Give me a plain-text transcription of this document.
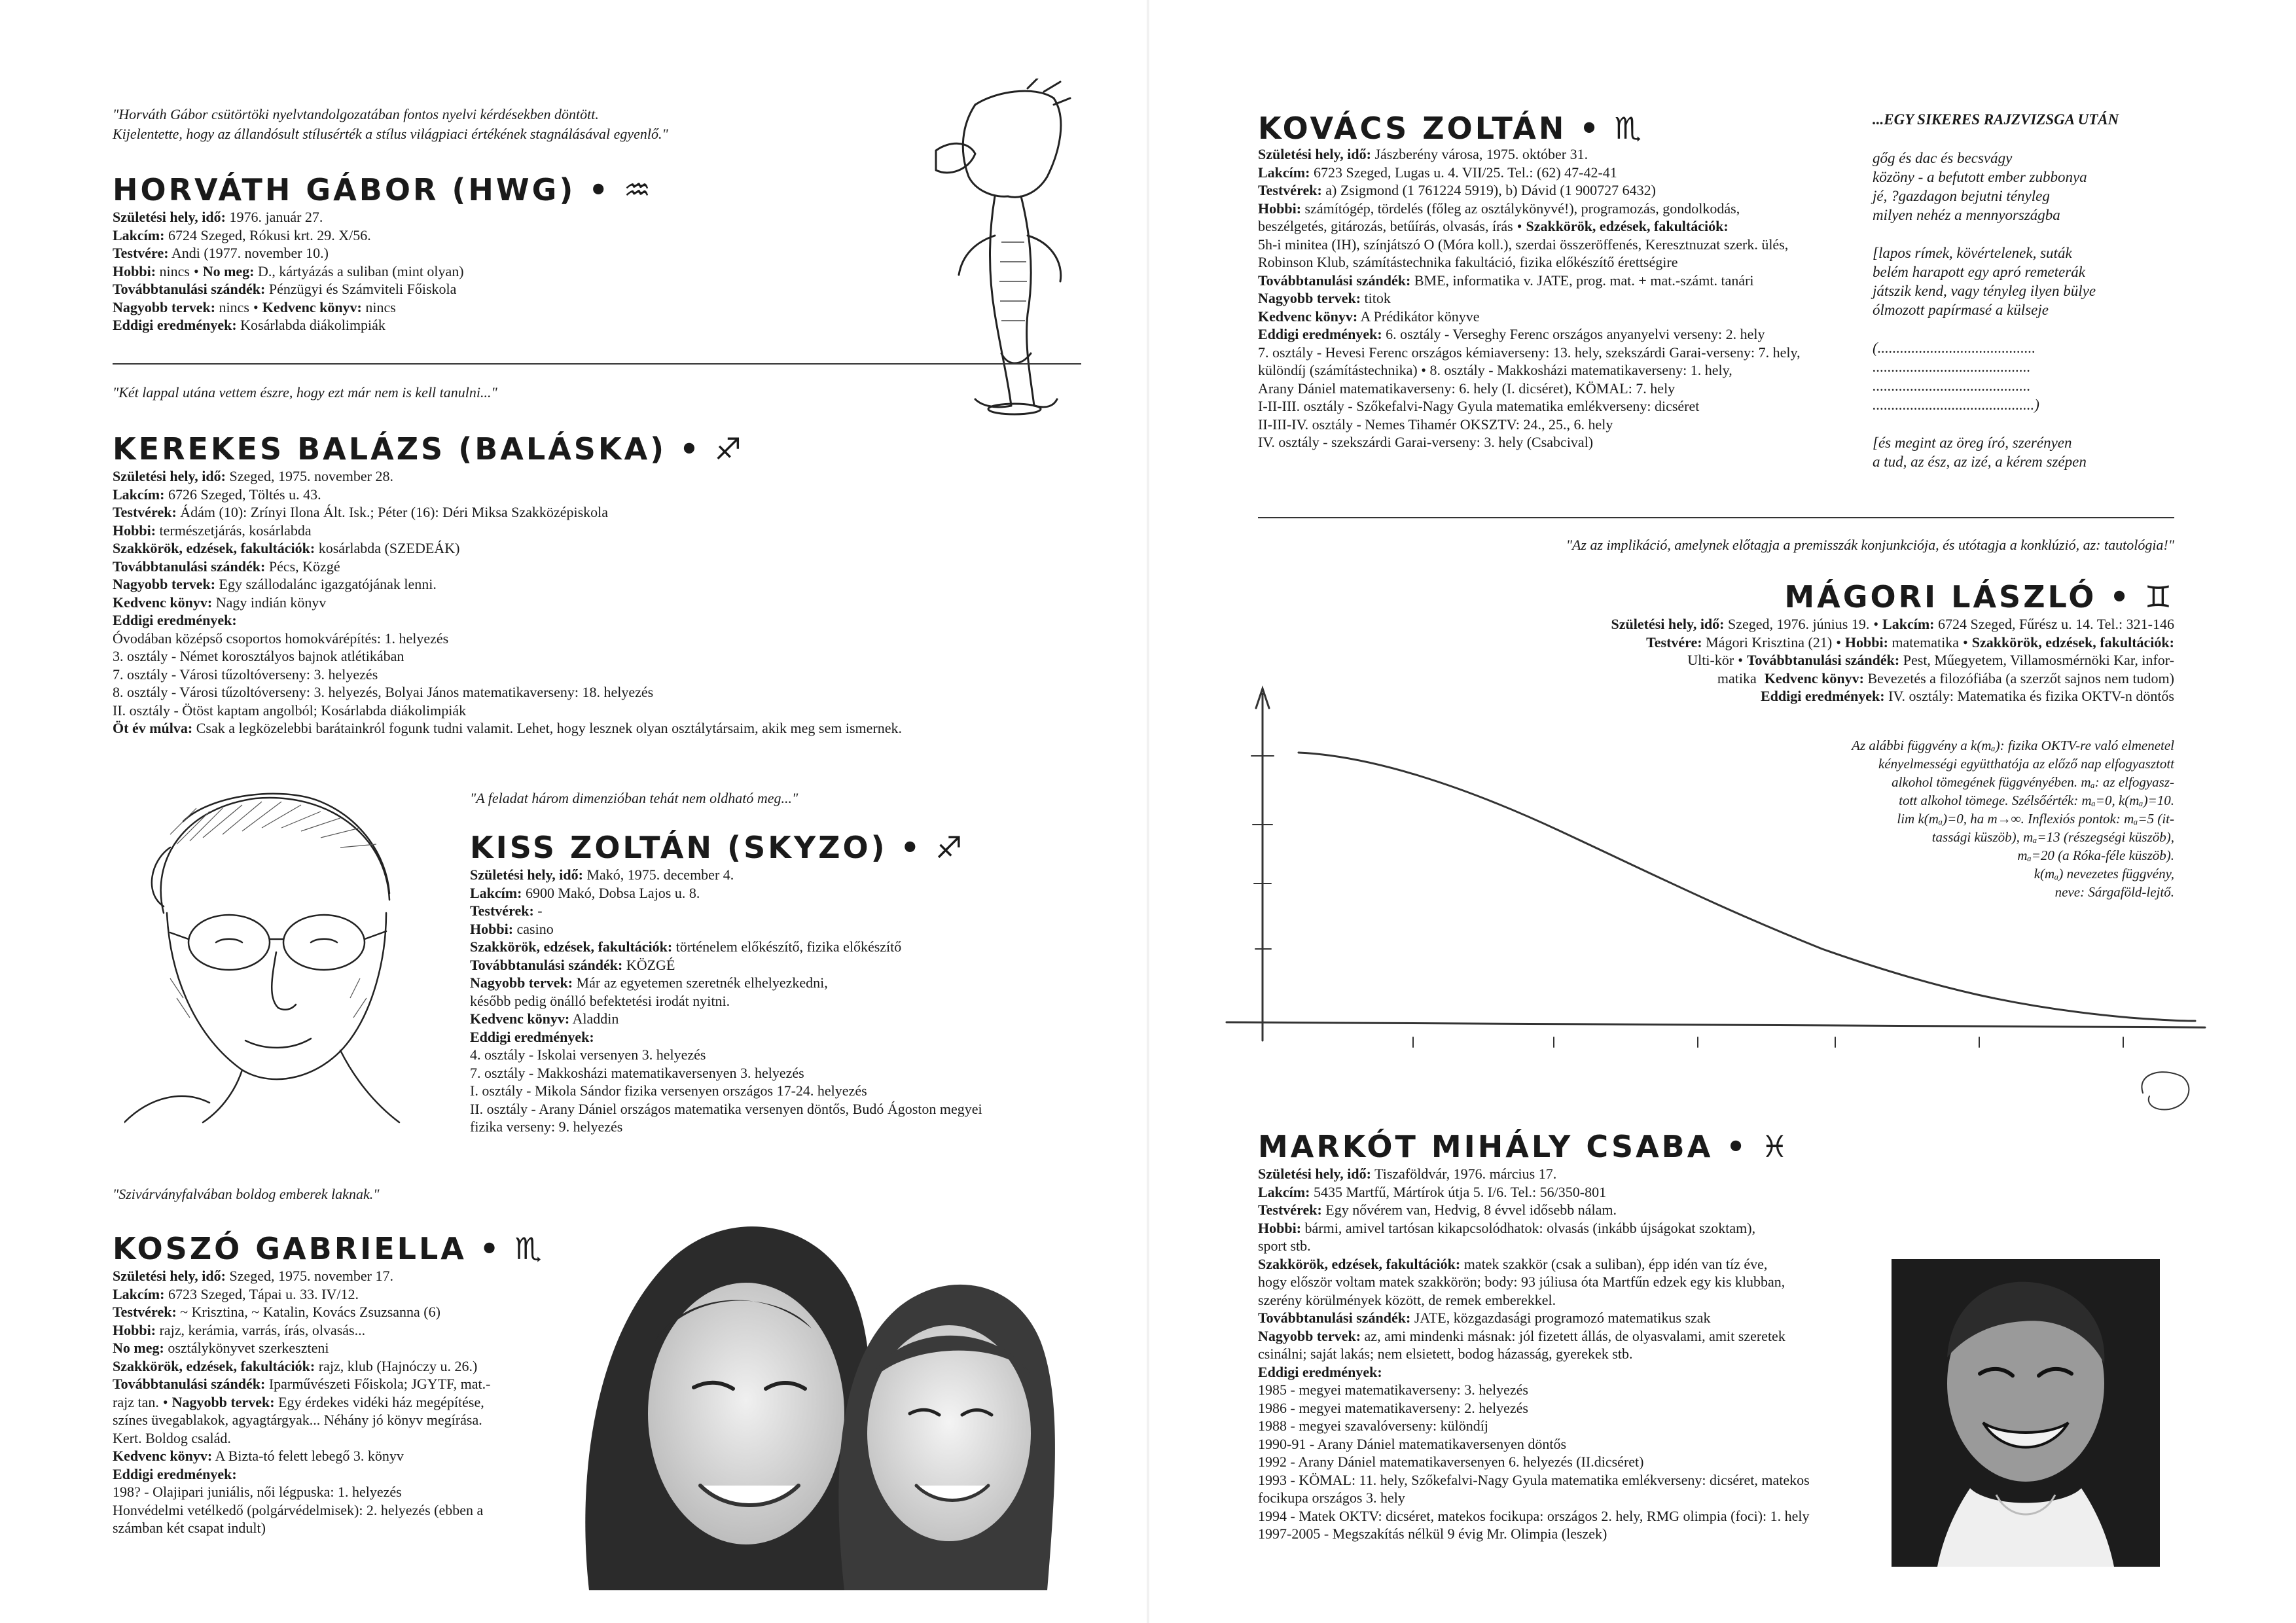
"Horváth Gábor csütörtöki nyelvtandolgozatában fontos nyelvi kérdésekben döntött.
Kijelentette, hogy az állandósult stílusérték a stílus világpiaci értékének stagnálásával egyenlő."
HORVÁTH GÁBOR (HWG) • ♒
Születési hely, idő: 1976. január 27.
Lakcím: 6724 Szeged, Rókusi krt. 29. X/56.
Testvére: Andi (1977. november 10.)
Hobbi: nincs • No meg: D., kártyázás a suliban (mint olyan)
Továbbtanulási szándék: Pénzügyi és Számviteli Főiskola
Nagyobb tervek: nincs • Kedvenc könyv: nincs
Eddigi eredmények: Kosárlabda diákolimpiák
"Két lappal utána vettem észre, hogy ezt már nem is kell tanulni..."
KEREKES BALÁZS (BALÁSKA) • ♐
Születési hely, idő: Szeged, 1975. november 28.
Lakcím: 6726 Szeged, Töltés u. 43.
Testvérek: Ádám (10): Zrínyi Ilona Ált. Isk.; Péter (16): Déri Miksa Szakközépiskola
Hobbi: természetjárás, kosárlabda
Szakkörök, edzések, fakultációk: kosárlabda (SZEDEÁK)
Továbbtanulási szándék: Pécs, Közgé
Nagyobb tervek: Egy szállodalánc igazgatójának lenni.
Kedvenc könyv: Nagy indián könyv
Eddigi eredmények:
Óvodában középső csoportos homokvárépítés: 1. helyezés
3. osztály - Német korosztályos bajnok atlétikában
7. osztály - Városi tűzoltóverseny: 3. helyezés
8. osztály - Városi tűzoltóverseny: 3. helyezés, Bolyai János matematikaverseny: 18. helyezés
II. osztály - Ötöst kaptam angolból; Kosárlabda diákolimpiák
Öt év múlva: Csak a legközelebbi barátainkról fogunk tudni valamit. Lehet, hogy lesznek olyan osztálytársaim, akik meg sem ismernek.
"A feladat három dimenzióban tehát nem oldható meg..."
KISS ZOLTÁN (SKYZO) • ♐
Születési hely, idő: Makó, 1975. december 4.
Lakcím: 6900 Makó, Dobsa Lajos u. 8.
Testvérek: -
Hobbi: casino
Szakkörök, edzések, fakultációk: történelem előkészítő, fizika előkészítő
Továbbtanulási szándék: KÖZGÉ
Nagyobb tervek: Már az egyetemen szeretnék elhelyezkedni,
később pedig önálló befektetési irodát nyitni.
Kedvenc könyv: Aladdin
Eddigi eredmények:
4. osztály - Iskolai versenyen 3. helyezés
7. osztály - Makkosházi matematikaversenyen 3. helyezés
I. osztály - Mikola Sándor fizika versenyen országos 17-24. helyezés
II. osztály - Arany Dániel országos matematika versenyen döntős, Budó Ágoston megyei
fizika verseny: 9. helyezés
"Szivárványfalvában boldog emberek laknak."
KOSZÓ GABRIELLA • ♏
Születési hely, idő: Szeged, 1975. november 17.
Lakcím: 6723 Szeged, Tápai u. 33. IV/12.
Testvérek: ~ Krisztina, ~ Katalin, Kovács Zsuzsanna (6)
Hobbi: rajz, kerámia, varrás, írás, olvasás...
No meg: osztálykönyvet szerkeszteni
Szakkörök, edzések, fakultációk: rajz, klub (Hajnóczy u. 26.)
Továbbtanulási szándék: Iparművészeti Főiskola; JGYTF, mat.-
rajz tan. • Nagyobb tervek: Egy érdekes vidéki ház megépítése,
színes üvegablakok, agyagtárgyak... Néhány jó könyv megírása.
Kert. Boldog család.
Kedvenc könyv: A Bizta-tó felett lebegő 3. könyv
Eddigi eredmények:
198? - Olajipari juniális, női légpuska: 1. helyezés
Honvédelmi vetélkedő (polgárvédelmisek): 2. helyezés (ebben a
számban két csapat indult)
KOVÁCS ZOLTÁN • ♏
Születési hely, idő: Jászberény városa, 1975. október 31.
Lakcím: 6723 Szeged, Lugas u. 4. VII/25. Tel.: (62) 47-42-41
Testvérek: a) Zsigmond (1 761224 5919), b) Dávid (1 900727 6432)
Hobbi: számítógép, tördelés (főleg az osztálykönyvé!), programozás, gondolkodás,
beszélgetés, gitározás, betűírás, olvasás, írás • Szakkörök, edzések, fakultációk:
5h-i minitea (IH), színjátszó O (Móra koll.), szerdai összeröffenés, Keresztnuzat szerk. ülés,
Robinson Klub, számítástechnika fakultáció, fizika előkészítő érettségire
Továbbtanulási szándék: BME, informatika v. JATE, prog. mat. + mat.-számt. tanári
Nagyobb tervek: titok
Kedvenc könyv: A Prédikátor könyve
Eddigi eredmények: 6. osztály - Verseghy Ferenc országos anyanyelvi verseny: 2. hely
7. osztály - Hevesi Ferenc országos kémiaverseny: 13. hely, szekszárdi Garai-verseny: 7. hely,
különdíj (számítástechnika) • 8. osztály - Makkosházi matematikaverseny: 1. hely,
Arany Dániel matematikaverseny: 6. hely (I. dicséret), KÖMAL: 7. hely
I-II-III. osztály - Szőkefalvi-Nagy Gyula matematika emlékverseny: dicséret
II-III-IV. osztály - Nemes Tihamér OKSZTV: 24., 25., 6. hely
IV. osztály - szekszárdi Garai-verseny: 3. hely (Csabcival)
...EGY SIKERES RAJZVIZSGA UTÁN
gőg és dac és becsvágy
közöny - a befutott ember zubbonya
jé, ?gazdagon bejutni tényleg
milyen nehéz a mennyországba
[lapos rímek, kövértelenek, suták
belém harapott egy apró remeterák
játszik kend, vagy tényleg ilyen bülye
ólmozott papírmasé a külseje
(..........................................
..........................................
..........................................
...........................................)
[és megint az öreg író, szerényen
a tud, az ész, az izé, a kérem szépen
"Az az implikáció, amelynek előtagja a premisszák konjunkciója, és utótagja a konklúzió, az: tautológia!"
MÁGORI LÁSZLÓ • ♊
Születési hely, idő: Szeged, 1976. június 19. • Lakcím: 6724 Szeged, Fűrész u. 14. Tel.: 321-146
Testvére: Mágori Krisztina (21) • Hobbi: matematika • Szakkörök, edzések, fakultációk:
Ulti-kör • Továbbtanulási szándék: Pest, Műegyetem, Villamosmérnöki Kar, infor-
matika Kedvenc könyv: Bevezetés a filozófiába (a szerzőt sajnos nem tudom)
Eddigi eredmények: IV. osztály: Matematika és fizika OKTV-n döntős
Az alábbi függvény a k(mₐ): fizika OKTV-re való elmenetel
kényelmességi együtthatója az előző nap elfogyasztott
alkohol tömegének függvényében. mₐ: az elfogyasz-
tott alkohol tömege. Szélsőérték: mₐ=0, k(mₐ)=10.
lim k(mₐ)=0, ha m→∞. Inflexiós pontok: mₐ=5 (it-
tassági küszöb), mₐ=13 (részegségi küszöb),
mₐ=20 (a Róka-féle küszöb).
k(mₐ) nevezetes függvény,
neve: Sárgaföld-lejtő.
MARKÓT MIHÁLY CSABA • ♓
Születési hely, idő: Tiszaföldvár, 1976. március 17.
Lakcím: 5435 Martfű, Mártírok útja 5. I/6. Tel.: 56/350-801
Testvérek: Egy nővérem van, Hedvig, 8 évvel idősebb nálam.
Hobbi: bármi, amivel tartósan kikapcsolódhatok: olvasás (inkább újságokat szoktam),
sport stb.
Szakkörök, edzések, fakultációk: matek szakkör (csak a suliban), épp idén van tíz éve,
hogy először voltam matek szakkörön; body: 93 júliusa óta Martfűn edzek egy kis klubban,
szerény körülmények között, de remek emberekkel.
Továbbtanulási szándék: JATE, közgazdasági programozó matematikus szak
Nagyobb tervek: az, ami mindenki másnak: jól fizetett állás, de olyasvalami, amit szeretek
csinálni; saját lakás; nem elsietett, bodog házasság, gyerekek stb.
Eddigi eredmények:
1985 - megyei matematikaverseny: 3. helyezés
1986 - megyei matematikaverseny: 2. helyezés
1988 - megyei szavalóverseny: különdíj
1990-91 - Arany Dániel matematikaversenyen döntős
1992 - Arany Dániel matematikaversenyen 6. helyezés (II.dicséret)
1993 - KÖMAL: 11. hely, Szőkefalvi-Nagy Gyula matematika emlékverseny: dicséret, matekos
focikupa országos 3. hely
1994 - Matek OKTV: dicséret, matekos focikupa: országos 2. hely, RMG olimpia (foci): 1. hely
1997-2005 - Megszakítás nélkül 9 évig Mr. Olimpia (leszek)
